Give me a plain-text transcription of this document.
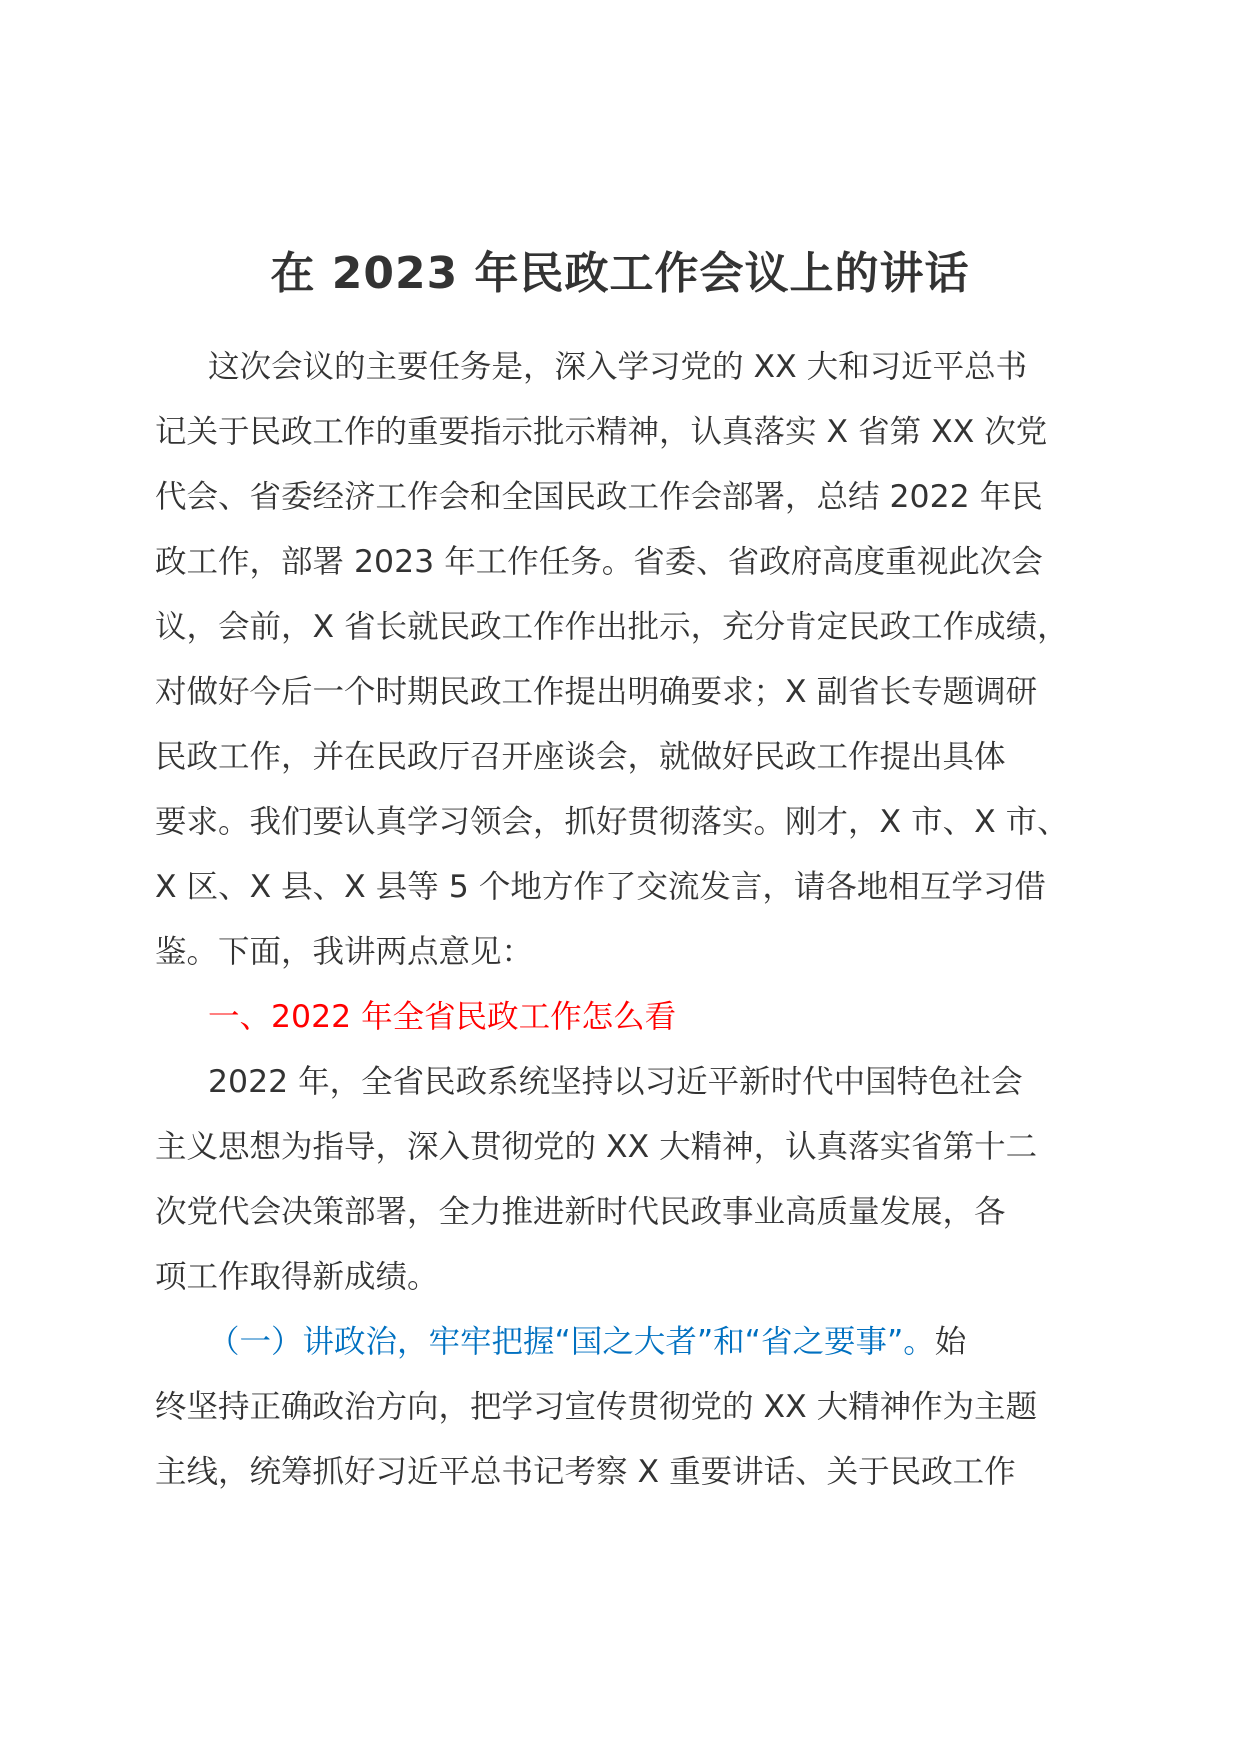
在 2023 年民政工作会议上的讲话
这次会议的主要任务是，深入学习党的 XX 大和习近平总书
记关于民政工作的重要指示批示精神，认真落实 X 省第 XX 次党
代会、省委经济工作会和全国民政工作会部署，总结 2022 年民
政工作，部署 2023 年工作任务。省委、省政府高度重视此次会
议，会前，X 省长就民政工作作出批示，充分肯定民政工作成绩，
对做好今后一个时期民政工作提出明确要求；X 副省长专题调研
民政工作，并在民政厅召开座谈会，就做好民政工作提出具体
要求。我们要认真学习领会，抓好贯彻落实。刚才，X 市、X 市、
X 区、X 县、X 县等 5 个地方作了交流发言，请各地相互学习借
鉴。下面，我讲两点意见：
一、2022 年全省民政工作怎么看
2022 年，全省民政系统坚持以习近平新时代中国特色社会
主义思想为指导，深入贯彻党的 XX 大精神，认真落实省第十二
次党代会决策部署，全力推进新时代民政事业高质量发展，各
项工作取得新成绩。
（一）讲政治，牢牢把握“国之大者”和“省之要事”。始
终坚持正确政治方向，把学习宣传贯彻党的 XX 大精神作为主题
主线，统筹抓好习近平总书记考察 X 重要讲话、关于民政工作
